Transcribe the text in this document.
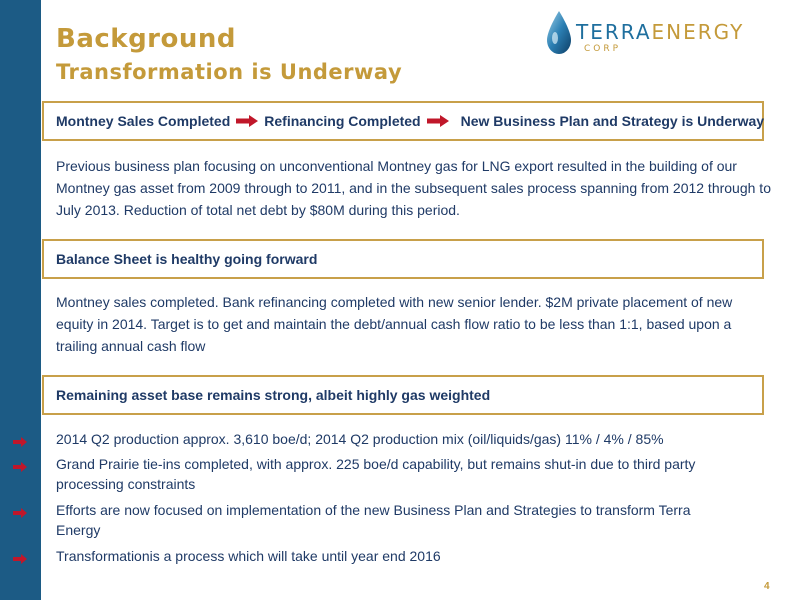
Background
Transformation is Underway
TERRAENERGY
CORP
Montney Sales Completed Refinancing Completed	New Business Plan and Strategy is Underway

Previous business plan focusing on unconventional Montney gas for LNG export resulted in the building of our Montney gas asset from 2009 through to 2011, and in the subsequent sales process spanning from 2012 through to July 2013. Reduction of total net debt by $80M during this period.

Balance Sheet is healthy going forward

Montney sales completed. Bank refinancing completed with new senior lender. $2M private placement of new equity in 2014. Target is to get and maintain the debt/annual cash flow ratio to be less than 1:1, based upon a trailing annual cash flow

Remaining asset base remains strong, albeit highly gas weighted
2014 Q2 production approx. 3,610 boe/d; 2014 Q2 production mix (oil/liquids/gas) 11% / 4% / 85%
Grand Prairie tie-ins completed, with approx. 225 boe/d capability, but remains shut-in due to third party processing constraints
Efforts are now focused on implementation of the new Business Plan and Strategies to transform Terra Energy
Transformationis a process which will take until year end 2016
4
